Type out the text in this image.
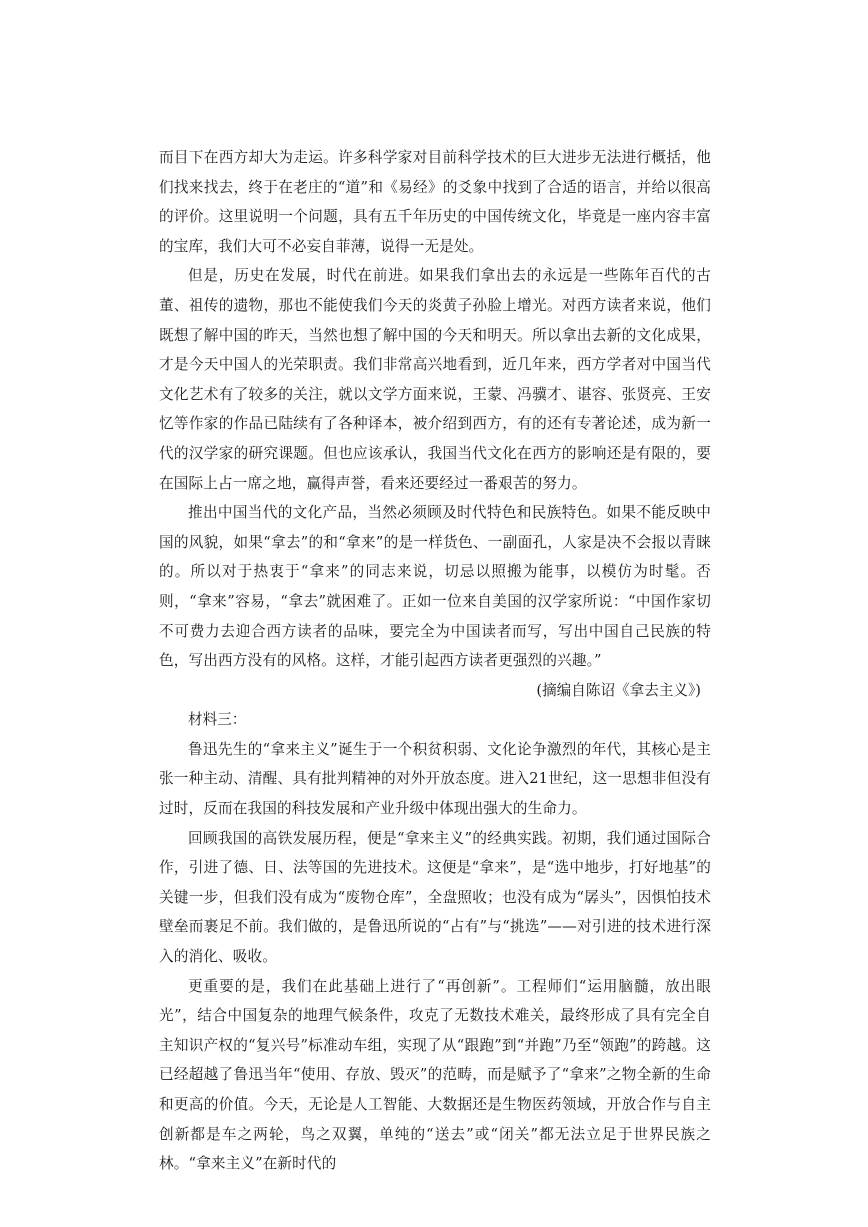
而目下在西方却大为走运。许多科学家对目前科学技术的巨大进步无法进行概括，他们找来找去，终于在老庄的“道”和《易经》的爻象中找到了合适的语言，并给以很高的评价。这里说明一个问题，具有五千年历史的中国传统文化，毕竟是一座内容丰富的宝库，我们大可不必妄自菲薄，说得一无是处。

但是，历史在发展，时代在前进。如果我们拿出去的永远是一些陈年百代的古董、祖传的遗物，那也不能使我们今天的炎黄子孙脸上增光。对西方读者来说，他们既想了解中国的昨天，当然也想了解中国的今天和明天。所以拿出去新的文化成果，才是今天中国人的光荣职责。我们非常高兴地看到，近几年来，西方学者对中国当代文化艺术有了较多的关注，就以文学方面来说，王蒙、冯骥才、谌容、张贤亮、王安忆等作家的作品已陆续有了各种译本，被介绍到西方，有的还有专著论述，成为新一代的汉学家的研究课题。但也应该承认，我国当代文化在西方的影响还是有限的，要在国际上占一席之地，赢得声誉，看来还要经过一番艰苦的努力。

推出中国当代的文化产品，当然必须顾及时代特色和民族特色。如果不能反映中国的风貌，如果“拿去”的和“拿来”的是一样货色、一副面孔，人家是决不会报以青睐的。所以对于热衷于“拿来”的同志来说，切忌以照搬为能事，以模仿为时髦。否则，“拿来”容易，“拿去”就困难了。正如一位来自美国的汉学家所说：“中国作家切不可费力去迎合西方读者的品味，要完全为中国读者而写，写出中国自己民族的特色，写出西方没有的风格。这样，才能引起西方读者更强烈的兴趣。”

(摘编自陈诏《拿去主义》)

材料三：

鲁迅先生的“拿来主义”诞生于一个积贫积弱、文化论争激烈的年代，其核心是主张一种主动、清醒、具有批判精神的对外开放态度。进入21世纪，这一思想非但没有过时，反而在我国的科技发展和产业升级中体现出强大的生命力。

回顾我国的高铁发展历程，便是“拿来主义”的经典实践。初期，我们通过国际合作，引进了德、日、法等国的先进技术。这便是“拿来”，是“选中地步，打好地基”的关键一步，但我们没有成为“废物仓库”，全盘照收；也没有成为“孱头”，因惧怕技术壁垒而裹足不前。我们做的，是鲁迅所说的“占有”与“挑选”——对引进的技术进行深入的消化、吸收。

更重要的是，我们在此基础上进行了“再创新”。工程师们“运用脑髓，放出眼光”，结合中国复杂的地理气候条件，攻克了无数技术难关，最终形成了具有完全自主知识产权的“复兴号”标准动车组，实现了从“跟跑”到“并跑”乃至“领跑”的跨越。这已经超越了鲁迅当年“使用、存放、毁灭”的范畴，而是赋予了“拿来”之物全新的生命和更高的价值。今天，无论是人工智能、大数据还是生物医药领域，开放合作与自主创新都是车之两轮，鸟之双翼，单纯的“送去”或“闭关”都无法立足于世界民族之林。“拿来主义”在新时代的
